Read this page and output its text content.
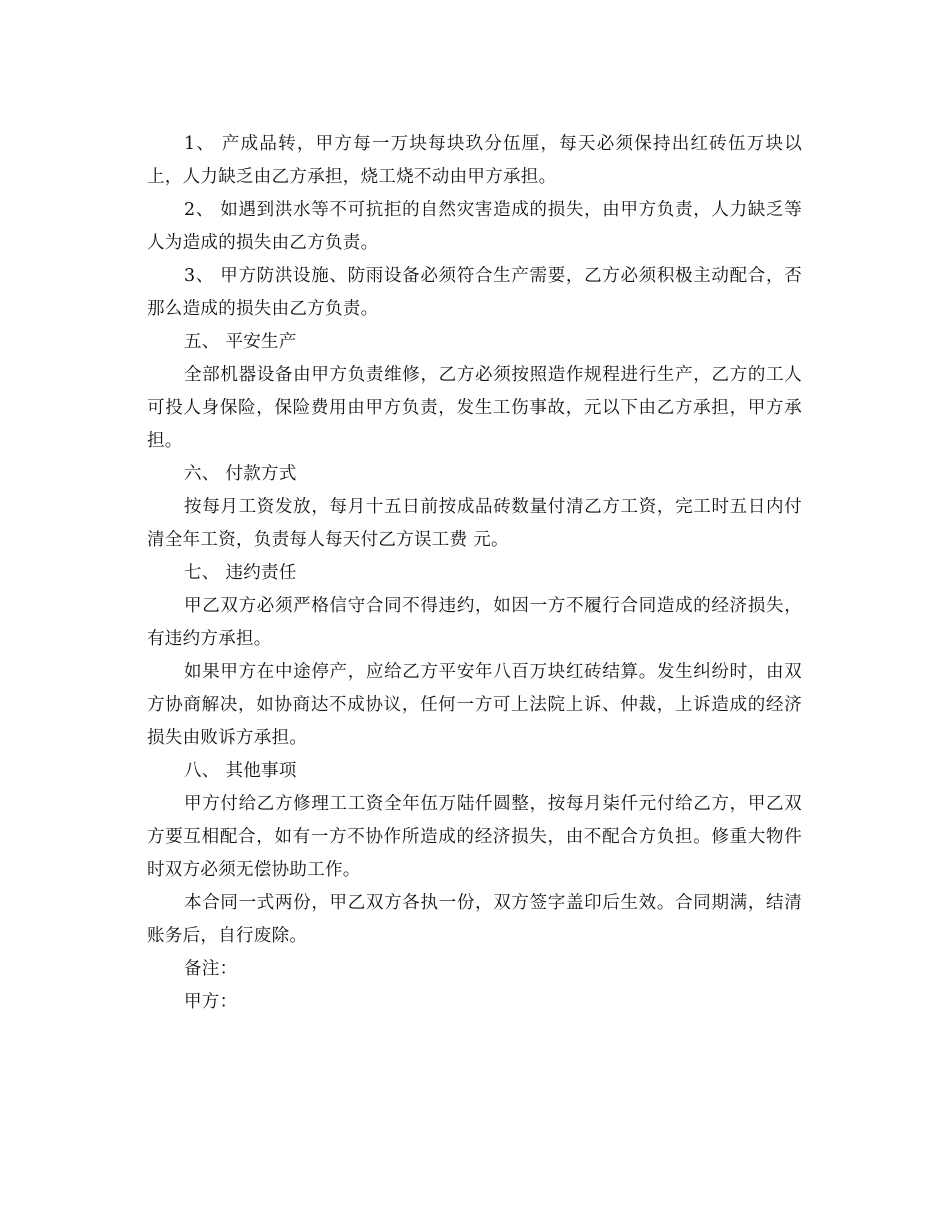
1、 产成品转，甲方每一万块每块玖分伍厘，每天必须保持出红砖伍万块以上，人力缺乏由乙方承担，烧工烧不动由甲方承担。

2、 如遇到洪水等不可抗拒的自然灾害造成的损失，由甲方负责，人力缺乏等人为造成的损失由乙方负责。

3、 甲方防洪设施、防雨设备必须符合生产需要，乙方必须积极主动配合，否那么造成的损失由乙方负责。

五、 平安生产

全部机器设备由甲方负责维修，乙方必须按照造作规程进行生产，乙方的工人可投人身保险，保险费用由甲方负责，发生工伤事故，元以下由乙方承担，甲方承担。

六、 付款方式

按每月工资发放，每月十五日前按成品砖数量付清乙方工资，完工时五日内付清全年工资，负责每人每天付乙方误工费 元。

七、 违约责任

甲乙双方必须严格信守合同不得违约，如因一方不履行合同造成的经济损失，有违约方承担。

如果甲方在中途停产，应给乙方平安年八百万块红砖结算。发生纠纷时，由双方协商解决，如协商达不成协议，任何一方可上法院上诉、仲裁，上诉造成的经济损失由败诉方承担。

八、 其他事项

甲方付给乙方修理工工资全年伍万陆仟圆整，按每月柒仟元付给乙方，甲乙双方要互相配合，如有一方不协作所造成的经济损失，由不配合方负担。修重大物件时双方必须无偿协助工作。

本合同一式两份，甲乙双方各执一份，双方签字盖印后生效。合同期满，结清账务后，自行废除。

备注：

甲方：
